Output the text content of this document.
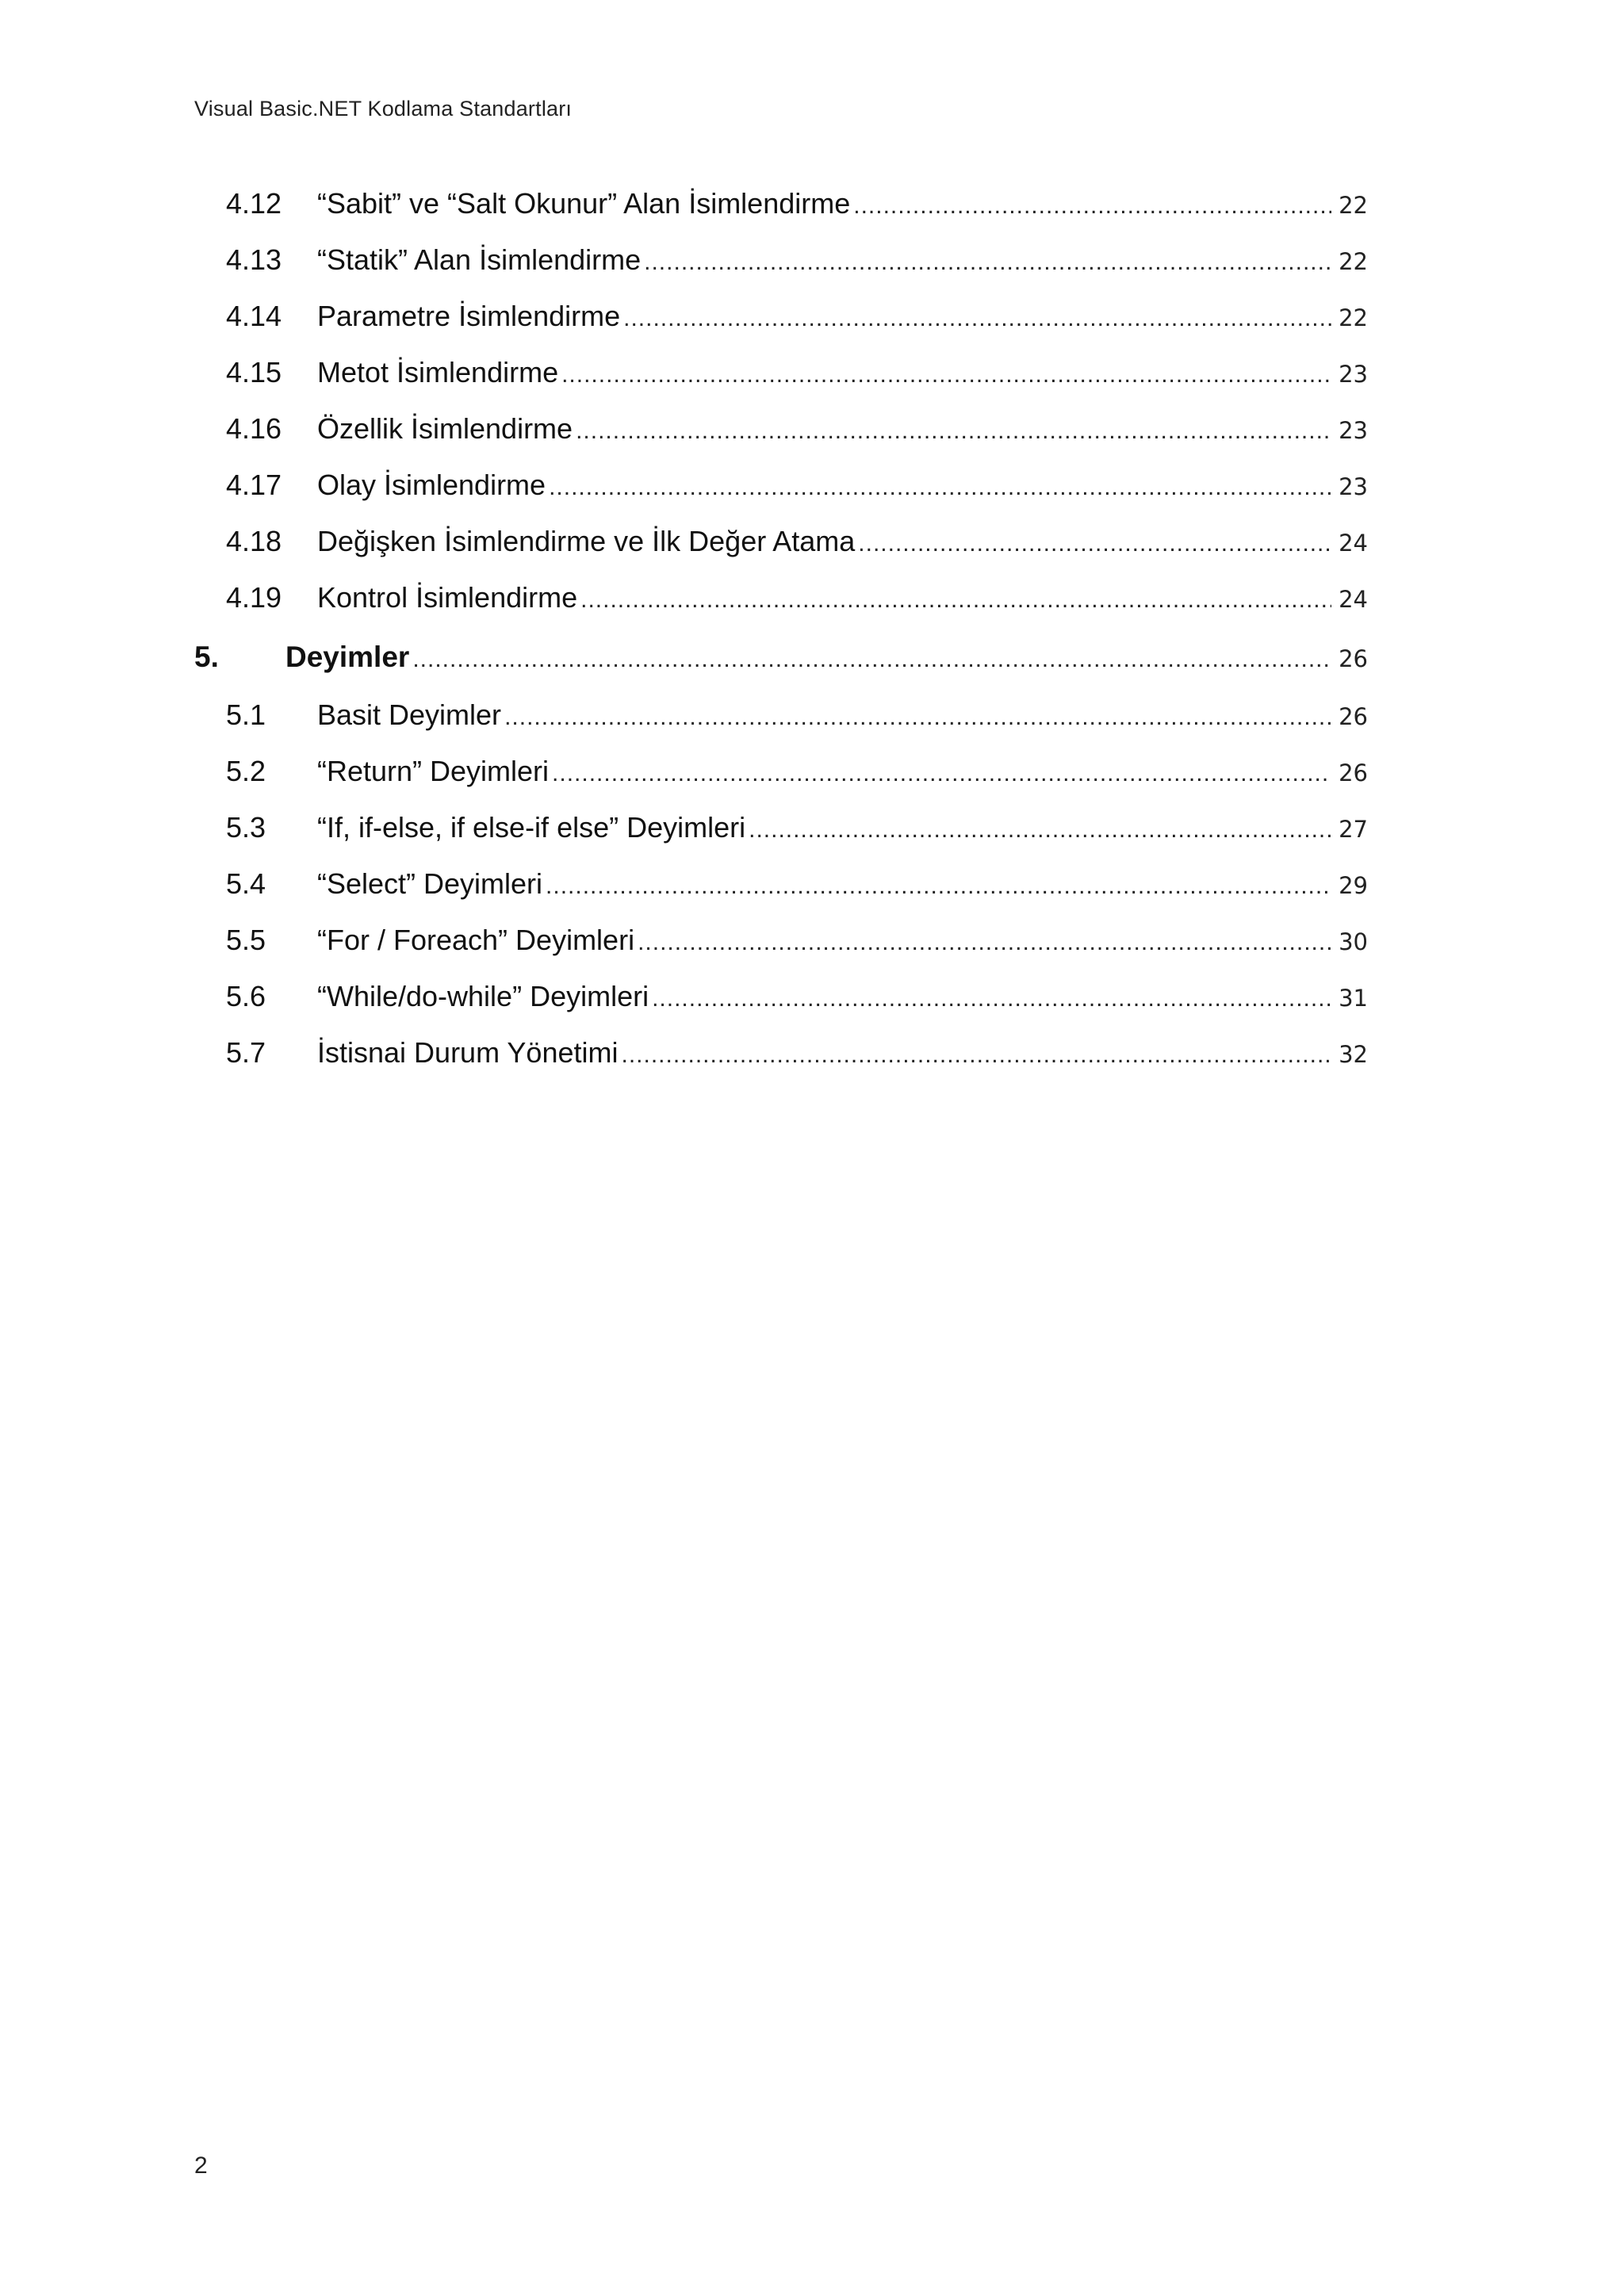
Visual Basic.NET Kodlama Standartları
4.12	“Sabit” ve “Salt Okunur” Alan İsimlendirme .....	22
4.13	“Statik” Alan İsimlendirme .....	22
4.14	Parametre İsimlendirme .....	22
4.15	Metot İsimlendirme .....	23
4.16	Özellik İsimlendirme .....	23
4.17	Olay İsimlendirme .....	23
4.18	Değişken İsimlendirme ve İlk Değer Atama .....	24
4.19	Kontrol İsimlendirme .....	24
5.	Deyimler .....	26
5.1	Basit Deyimler .....	26
5.2	“Return” Deyimleri .....	26
5.3	“If, if-else, if else-if else” Deyimleri .....	27
5.4	“Select” Deyimleri .....	29
5.5	“For / Foreach” Deyimleri .....	30
5.6	“While/do-while” Deyimleri .....	31
5.7	İstisnai Durum Yönetimi .....	32
2
